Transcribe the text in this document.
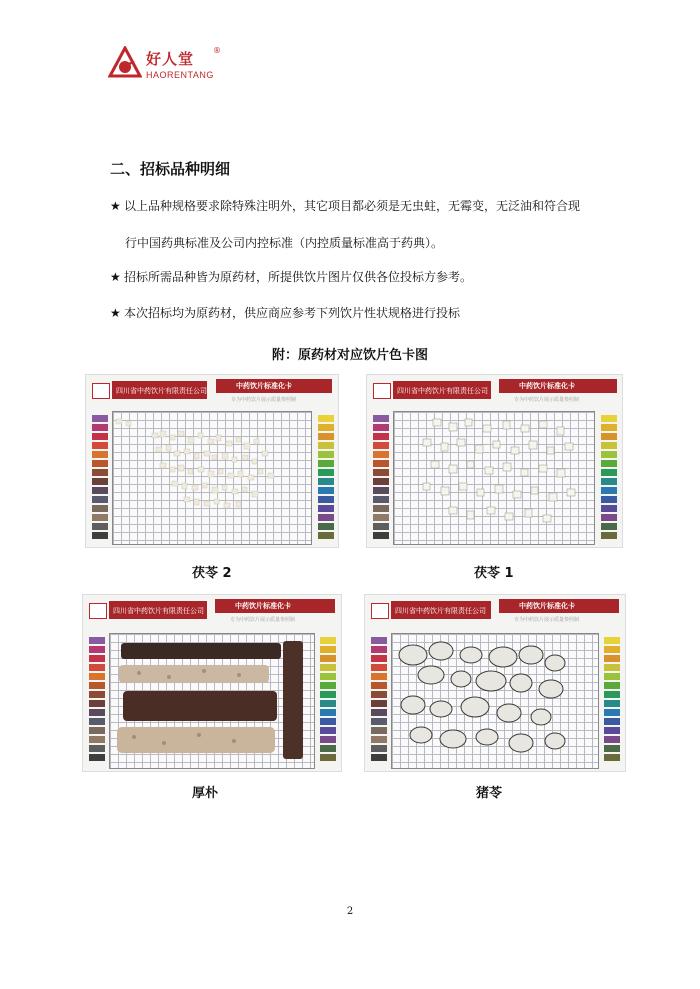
好人堂 ®
HAORENTANG
二、招标品种明细
★ 以上品种规格要求除特殊注明外，其它项目都必须是无虫蛀，无霉变，无泛油和符合现
行中国药典标准及公司内控标准（内控质量标准高于药典）。
★ 招标所需品种皆为原药材，所提供饮片图片仅供各位投标方参考。
★ 本次招标均为原药材，供应商应参考下列饮片性状规格进行投标
附：原药材对应饮片色卡图
四川省中药饮片有限责任公司
中药饮片标准化卡
专为中药饮片展示质量参照制
茯苓 2
四川省中药饮片有限责任公司
中药饮片标准化卡
专为中药饮片展示质量参照制
茯苓 1
四川省中药饮片有限责任公司
中药饮片标准化卡
专为中药饮片展示质量参照制
厚朴
四川省中药饮片有限责任公司
中药饮片标准化卡
专为中药饮片展示质量参照制
猪苓
2
